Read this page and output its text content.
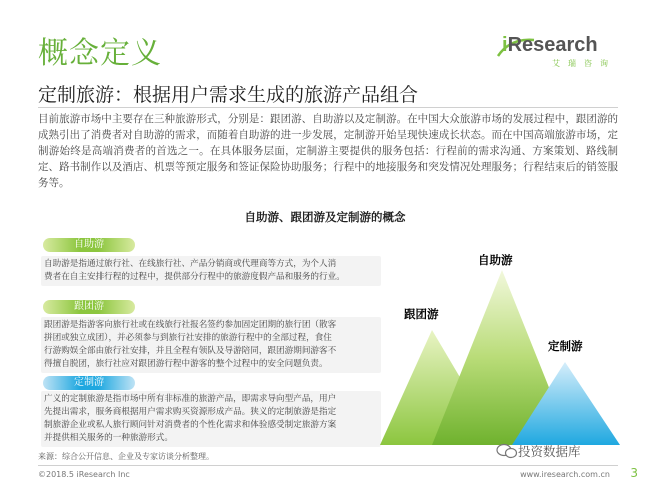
概念定义	iResearch
艾瑞咨询
定制旅游：根据用户需求生成的旅游产品组合
目前旅游市场中主要存在三种旅游形式，分别是：跟团游、自助游以及定制游。在中国大众旅游市场的发展过程中，跟团游的成熟引出了消费者对自助游的需求，而随着自助游的进一步发展，定制游开始呈现快速成长状态。而在中国高端旅游市场，定制游始终是高端消费者的首选之一。在具体服务层面，定制游主要提供的服务包括：行程前的需求沟通、方案策划、路线制定、路书制作以及酒店、机票等预定服务和签证保险协助服务；行程中的地接服务和突发情况处理服务；行程结束后的销签服务等。
自助游、跟团游及定制游的概念
自助游
自助游是指通过旅行社、在线旅行社、产品分销商或代理商等方式，为个人消
费者在自主安排行程的过程中，提供部分行程中的旅游度假产品和服务的行业。
跟团游
跟团游是指游客向旅行社或在线旅行社报名签约参加固定团期的旅行团（散客
拼团或独立成团），并必须参与到旅行社安排的旅游行程中的全部过程，食住
行游购娱全部由旅行社安排，并且全程有领队及导游陪同，跟团游期间游客不
得擅自脱团，旅行社应对跟团游行程中游客的整个过程中的安全问题负责。
定制游
广义的定制旅游是指市场中所有非标准的旅游产品，即需求导向型产品，用户
先提出需求，服务商根据用户需求购买资源形成产品。狭义的定制旅游是指定
制旅游企业或私人旅行顾问针对消费者的个性化需求和体验感受制定旅游方案
并提供相关服务的一种旅游形式。
跟团游
自助游
定制游
来源：综合公开信息、企业及专家访谈分析整理。	投资数据库
©2018.5 iResearch Inc	www.iresearch.com.cn 3
